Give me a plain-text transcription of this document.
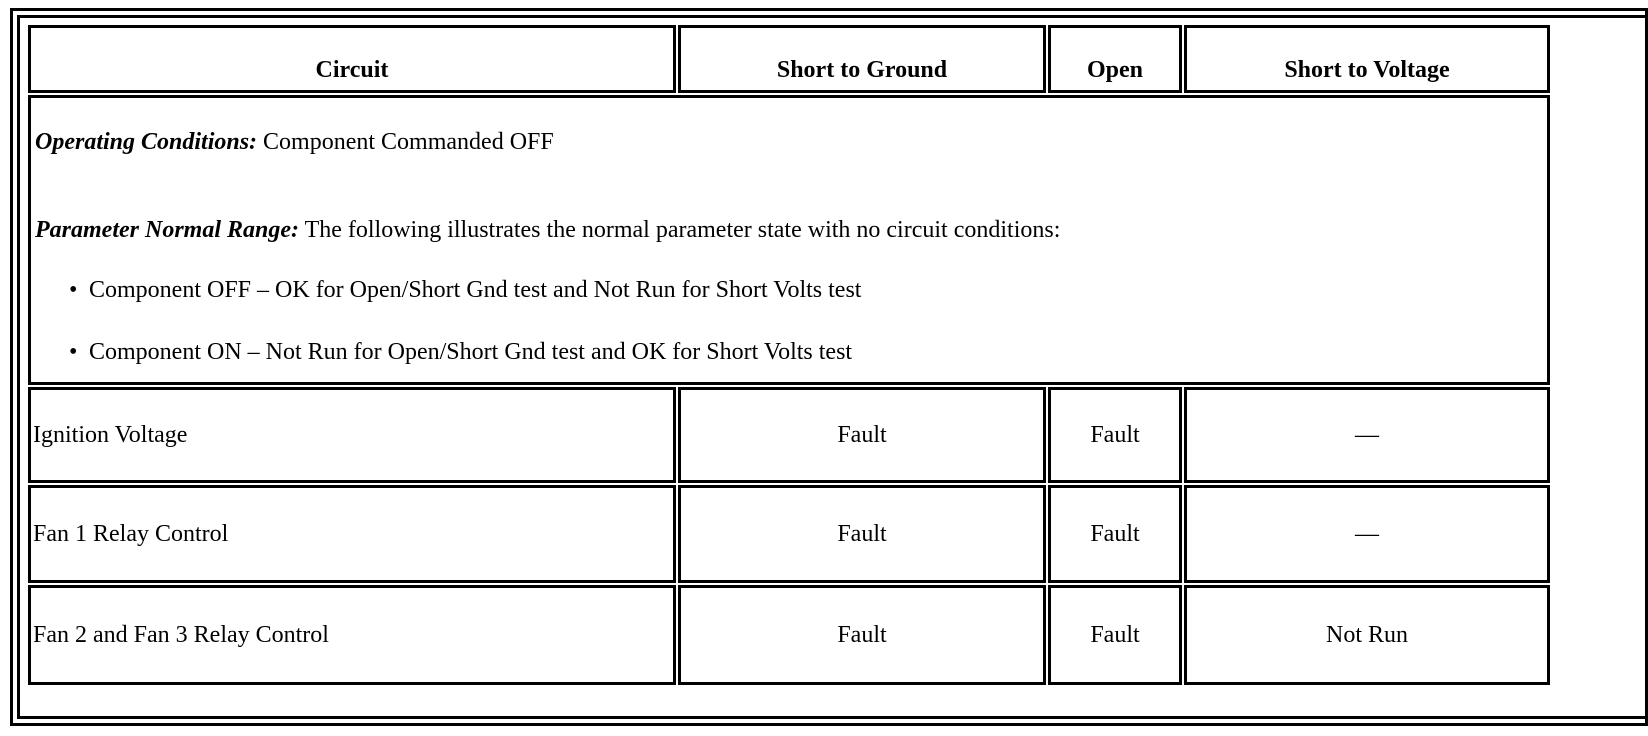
Circuit	Short to Ground	Open	Short to Voltage

Operating Conditions: Component Commanded OFF

Parameter Normal Range: The following illustrates the normal parameter state with no circuit conditions:

• Component OFF – OK for Open/Short Gnd test and Not Run for Short Volts test
• Component ON – Not Run for Open/Short Gnd test and OK for Short Volts test
Ignition Voltage	Fault	Fault	—
Fan 1 Relay Control	Fault	Fault	—
Fan 2 and Fan 3 Relay Control	Fault	Fault	Not Run
